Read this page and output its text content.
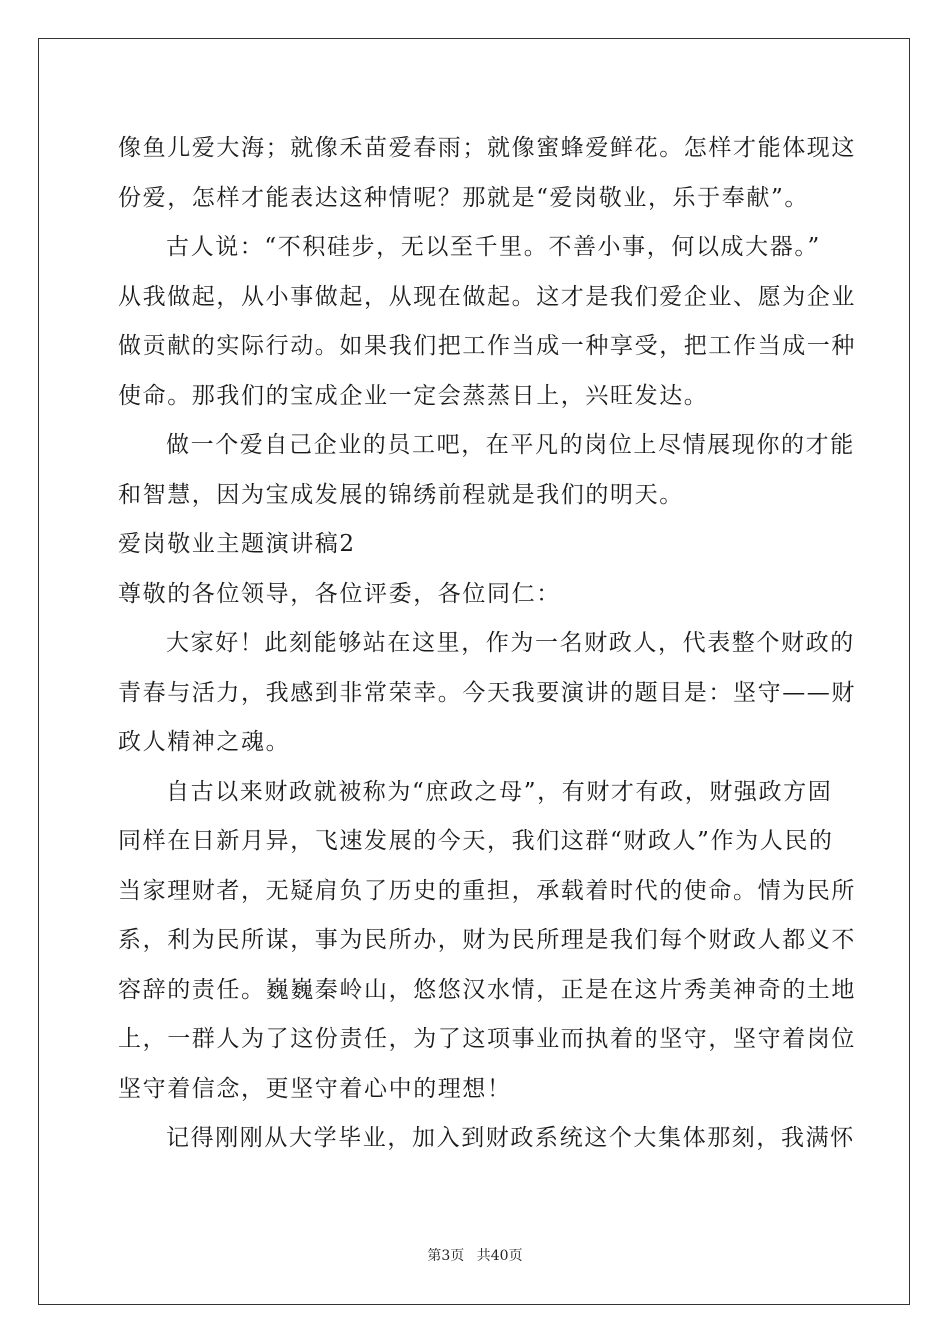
像鱼儿爱大海；就像禾苗爱春雨；就像蜜蜂爱鲜花。怎样才能体现这
份爱，怎样才能表达这种情呢？那就是“爱岗敬业，乐于奉献”。
古人说：“不积硅步，无以至千里。不善小事，何以成大器。”
从我做起，从小事做起，从现在做起。这才是我们爱企业、愿为企业
做贡献的实际行动。如果我们把工作当成一种享受，把工作当成一种
使命。那我们的宝成企业一定会蒸蒸日上，兴旺发达。
做一个爱自己企业的员工吧，在平凡的岗位上尽情展现你的才能
和智慧，因为宝成发展的锦绣前程就是我们的明天。
爱岗敬业主题演讲稿2
尊敬的各位领导，各位评委，各位同仁：
大家好！此刻能够站在这里，作为一名财政人，代表整个财政的
青春与活力，我感到非常荣幸。今天我要演讲的题目是：坚守——财
政人精神之魂。
自古以来财政就被称为“庶政之母”，有财才有政，财强政方固
同样在日新月异，飞速发展的今天，我们这群“财政人”作为人民的
当家理财者，无疑肩负了历史的重担，承载着时代的使命。情为民所
系，利为民所谋，事为民所办，财为民所理是我们每个财政人都义不
容辞的责任。巍巍秦岭山，悠悠汉水情，正是在这片秀美神奇的土地
上，一群人为了这份责任，为了这项事业而执着的坚守，坚守着岗位
坚守着信念，更坚守着心中的理想！
记得刚刚从大学毕业，加入到财政系统这个大集体那刻，我满怀
第3页 共40页
